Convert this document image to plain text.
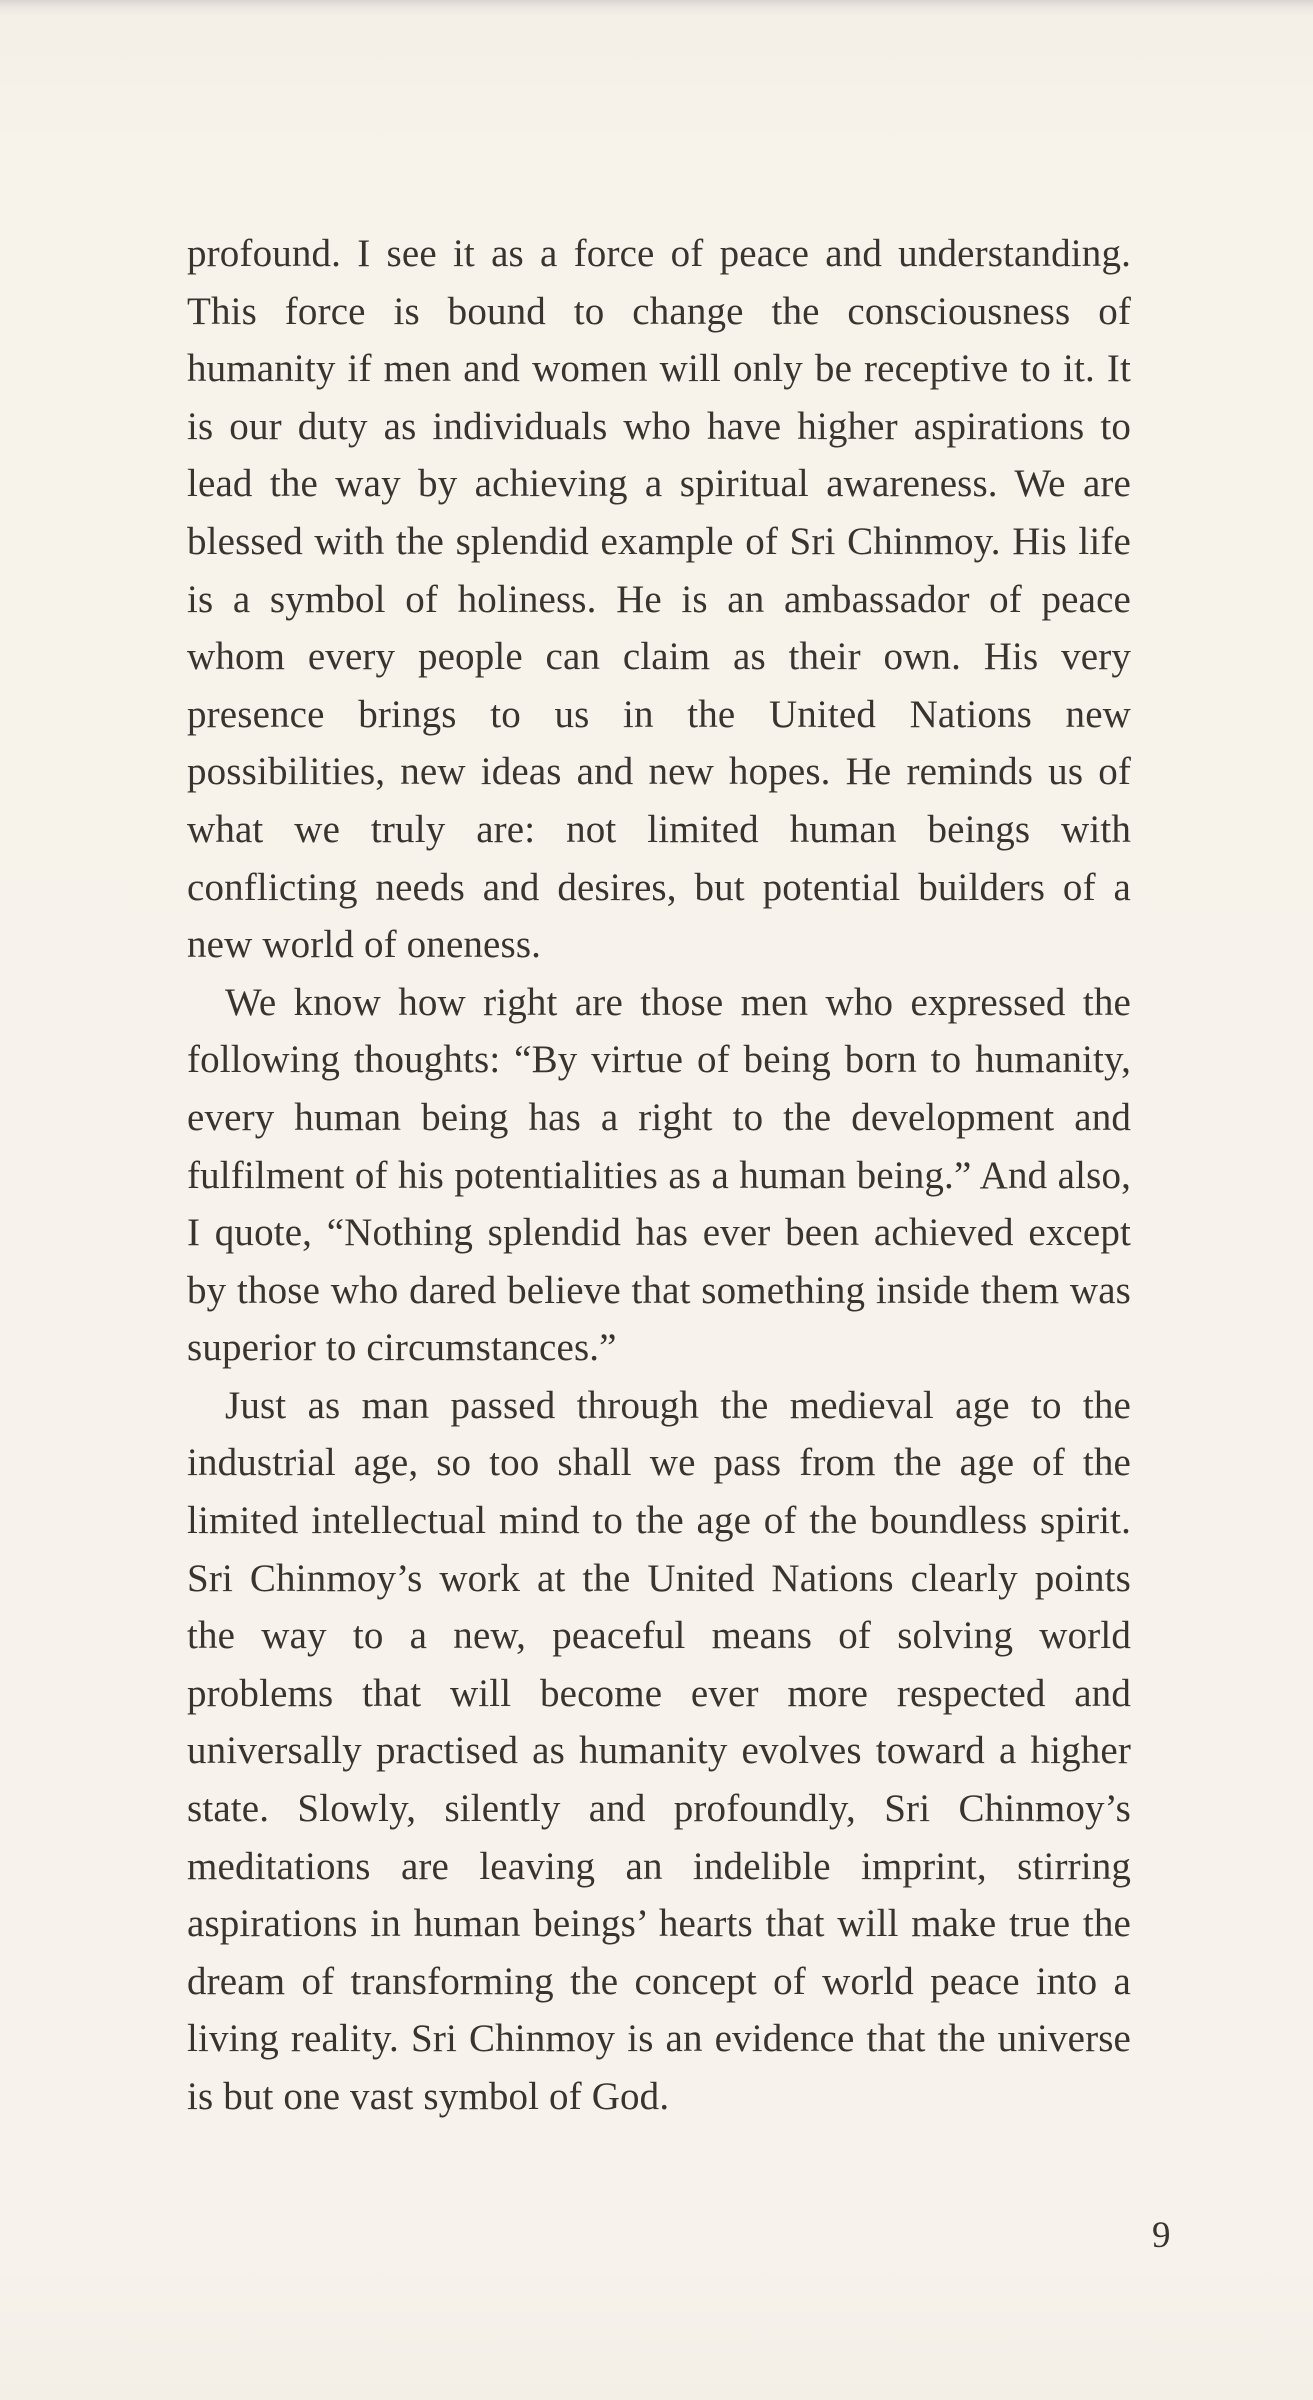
profound. I see it as a force of peace and understanding. This force is bound to change the consciousness of humanity if men and women will only be receptive to it. It is our duty as individuals who have higher aspirations to lead the way by achieving a spiritual awareness. We are blessed with the splendid example of Sri Chinmoy. His life is a symbol of holiness. He is an ambassador of peace whom every people can claim as their own. His very presence brings to us in the United Nations new possibilities, new ideas and new hopes. He reminds us of what we truly are: not limited human beings with conflicting needs and desires, but potential builders of a new world of oneness.

We know how right are those men who expressed the following thoughts: “By virtue of being born to humanity, every human being has a right to the development and fulfilment of his potentialities as a human being.” And also, I quote, “Nothing splendid has ever been achieved except by those who dared believe that something inside them was superior to circumstances.”

Just as man passed through the medieval age to the industrial age, so too shall we pass from the age of the limited intellectual mind to the age of the boundless spirit. Sri Chinmoy’s work at the United Nations clearly points the way to a new, peaceful means of solving world problems that will become ever more respected and universally practised as humanity evolves toward a higher state. Slowly, silently and profoundly, Sri Chinmoy’s meditations are leaving an indelible imprint, stirring aspirations in human beings’ hearts that will make true the dream of transforming the concept of world peace into a living reality. Sri Chinmoy is an evidence that the universe is but one vast symbol of God.

9
